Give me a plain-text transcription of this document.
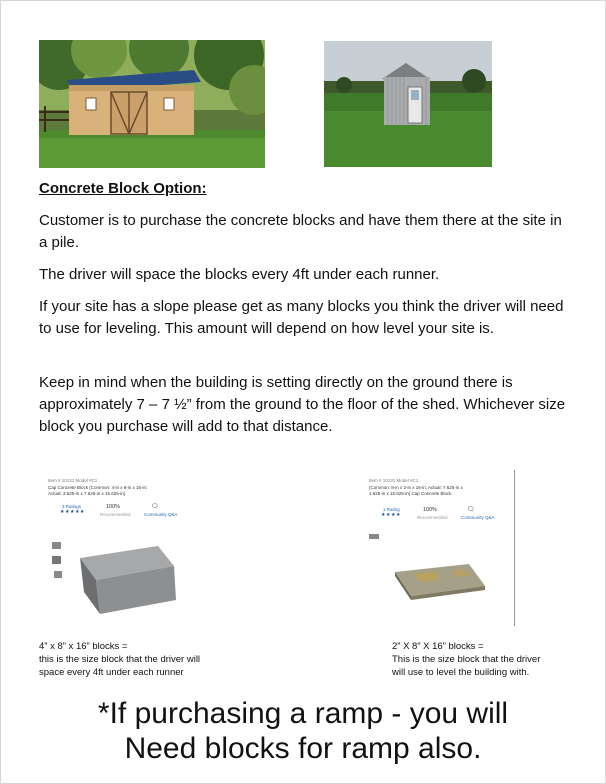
Concrete Block Option:

Customer is to purchase the concrete blocks and have them there at the site in a pile.

The driver will space the blocks every 4ft under each runner.

If your site has a slope please get as many blocks you think the driver will need to use for leveling. This amount will depend on how level your site is.

Keep in mind when the building is setting directly on the ground there is approximately 7 – 7 ½” from the ground to the floor of the shed. Whichever size block you purchase will add to that distance.

Item # 10131 Model #C1
Cap Concrete Block (Common: 4-in x 8-in x 16-in;
Actual: 3.625-in x 7.625-in x 15.625-in)
3 Ratings
★★★★★
100%
Recommended
🗨
Community Q&A
Item # 10131 Model #C1
(Common: 8-in x 2-in x 16-in; Actual: 7.625-in x
1.625-in x 15.625-in) Cap Concrete Block
1 Rating
★★★★
100%
Recommended
🗨
Community Q&A
4” x 8” x 16” blocks =
this is the size block that the driver will
space every 4ft under each runner
2” X 8” X 16” blocks =
This is the size block that the driver
will use to level the building with.
*If purchasing a ramp - you will
Need blocks for ramp also.
